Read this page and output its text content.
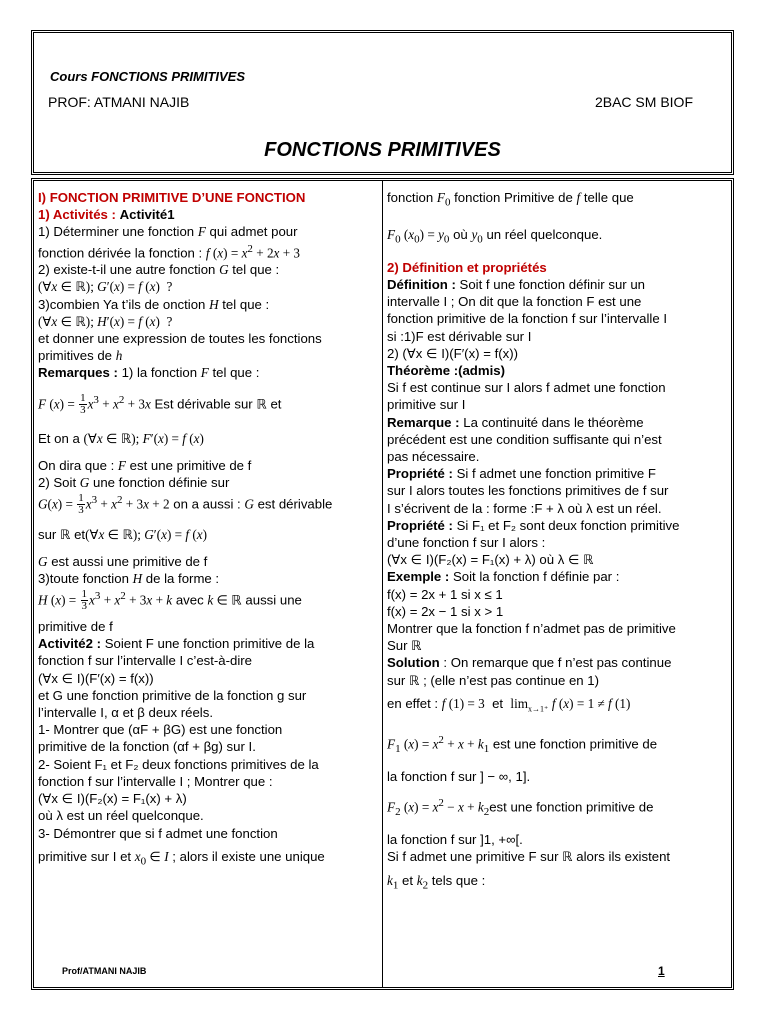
Cours FONCTIONS PRIMITIVES
PROF: ATMANI NAJIB	2BAC SM BIOF
FONCTIONS PRIMITIVES

I) FONCTION PRIMITIVE D’UNE FONCTION

1) Activités : Activité1

1) Déterminer une fonction F qui admet pour

fonction dérivée la fonction : f $(x) = x^2 + 2x + 3$

2) existe-t-il une autre fonction G tel que :

(∀x ∈ ℝ); G′(x) = f (x)  ?

3)combien Ya t’ils de onction H tel que :

(∀x ∈ ℝ); H′(x) = f (x)  ?

et donner une expression de toutes les fonctions primitives de h

Remarques : 1) la fonction F tel que :

F $(x) = \frac{1}{3} x^3 + x^2 + 3x$ Est dérivable sur ℝ et

Et on a (∀x ∈ ℝ); F′(x) = f (x)

On dira que : F est une primitive de f

2) Soit G une fonction définie sur

$G(x) = \frac{1}{3} x^3 + x^2 + 3x + 2$ on a aussi : G est dérivable

sur ℝ et(∀x ∈ ℝ); G′(x) = f (x)

G est aussi une primitive de f

3)toute fonction H de la forme :

H $(x) = \frac{1}{3} x^3 + x^2 + 3x + k$ avec k ∈ ℝ aussi une

primitive de f

Activité2 : Soient F une fonction primitive de la

fonction f sur l’intervalle I c’est-à-dire

(∀x ∈ I)(F′(x) = f(x))

et G une fonction primitive de la fonction g sur

l’intervalle I, α et β deux réels.

1- Montrer que (αF + βG) est une fonction

primitive de la fonction (αf + βg) sur I.

2- Soient F₁ et F₂ deux fonctions primitives de la

fonction f sur l’intervalle I ; Montrer que :

(∀x ∈ I)(F₂(x) = F₁(x) + λ)

où λ est un réel quelconque.

3- Démontrer que si f admet une fonction

primitive sur I et $x_0$ ∈ I ; alors il existe une unique

fonction $F_0$ fonction Primitive de f telle que

$F_0$ $(x_0) = y_0$ où $y_0$ un réel quelconque.

2) Définition et propriétés

Définition : Soit f une fonction définir sur un

intervalle I ; On dit que la fonction F est une

fonction primitive de la fonction f sur l’intervalle I

si :1)F est dérivable sur I

2) (∀x ∈ I)(F′(x) = f(x))

Théorème :(admis)

Si f est continue sur I alors f admet une fonction

primitive sur I

Remarque : La continuité dans le théorème

précédent est une condition suffisante qui n’est

pas nécessaire.

Propriété : Si f admet une fonction primitive F

sur I alors toutes les fonctions primitives de f sur

I s’écrivent de la : forme :F + λ où λ est un réel.

Propriété : Si F₁ et F₂ sont deux fonction primitive

d’une fonction f sur I alors :

(∀x ∈ I)(F₂(x) = F₁(x) + λ) où λ ∈ ℝ

Exemple : Soit la fonction f définie par :

f(x) = 2x + 1 si x ≤ 1

f(x) = 2x − 1 si x > 1

Montrer que la fonction f n’admet pas de primitive

Sur ℝ

Solution : On remarque que f n’est pas continue

sur ℝ ; (elle n’est pas continue en 1)

en effet : f (1) = 3 et $\lim_{x\to 1^+} f$ (x) = 1 ≠ f (1)

$F_1$ $(x) = x^2 + x + k_1$ est une fonction primitive de

la fonction f sur ] − ∞, 1].

$F_2$ $(x) = x^2 - x + k_2est$ une fonction primitive de

la fonction f sur ]1, +∞[.

Si f admet une primitive F sur ℝ alors ils existent

$k_1$ et $k_2$ tels que :

Prof/ATMANI NAJIB	1
